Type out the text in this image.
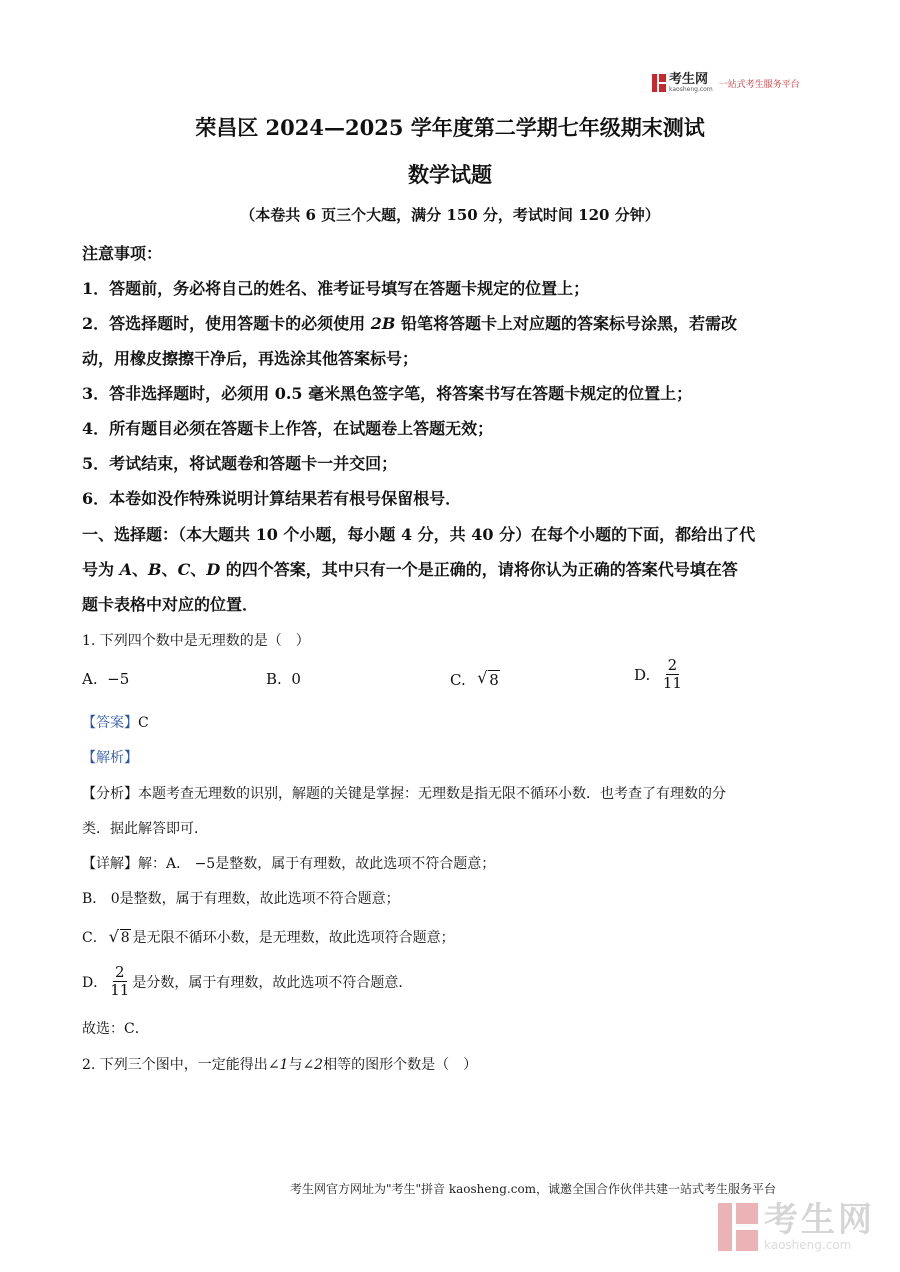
考生网
kaosheng.com 一站式考生服务平台
荣昌区 2024—2025 学年度第二学期七年级期末测试
数学试题
（本卷共 6 页三个大题，满分 150 分，考试时间 120 分钟）
注意事项：
1．答题前，务必将自己的姓名、准考证号填写在答题卡规定的位置上；
2．答选择题时，使用答题卡的必须使用 2B 铅笔将答题卡上对应题的答案标号涂黑，若需改
动，用橡皮擦擦干净后，再选涂其他答案标号；
3．答非选择题时，必须用 0.5 毫米黑色签字笔，将答案书写在答题卡规定的位置上；
4．所有题目必须在答题卡上作答，在试题卷上答题无效；
5．考试结束，将试题卷和答题卡一并交回；
6．本卷如没作特殊说明计算结果若有根号保留根号．
一、选择题：（本大题共 10 个小题，每小题 4 分，共 40 分）在每个小题的下面，都给出了代
号为 A、B、C、D 的四个答案，其中只有一个是正确的，请将你认为正确的答案代号填在答
题卡表格中对应的位置．
1. 下列四个数中是无理数的是（　）
A. −5	B. 0	C. √ 8	D. $\frac{2}{11}$
【答案】C
【解析】
【分析】本题考查无理数的识别，解题的关键是掌握：无理数是指无限不循环小数．也考查了有理数的分
类．据此解答即可．
【详解】解：A． −5是整数，属于有理数，故此选项不符合题意；
B． 0是整数，属于有理数，故此选项不符合题意；
C． √ 8 是无限不循环小数，是无理数，故此选项符合题意；
D． $\frac{2}{11}$ 是分数，属于有理数，故此选项不符合题意．
故选：C．
2. 下列三个图中，一定能得出∠1与∠2相等的图形个数是（　）
考生网官方网址为"考生"拼音 kaosheng.com，诚邀全国合作伙伴共建一站式考生服务平台
考生网
kaosheng.com
